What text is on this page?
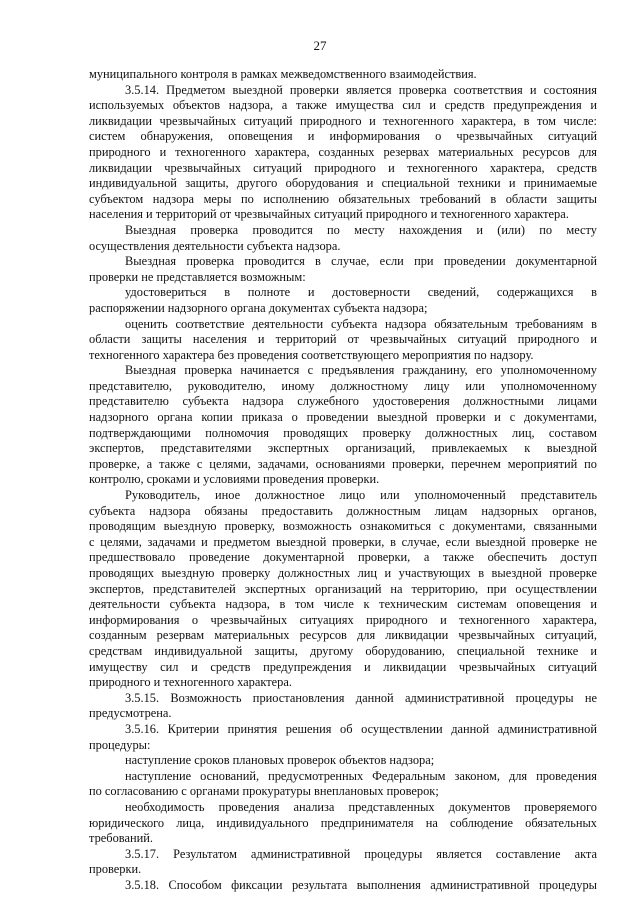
27
муниципального контроля в рамках межведомственного взаимодействия.
3.5.14. Предметом выездной проверки является проверка соответствия и состояния
используемых объектов надзора, а также имущества сил и средств предупреждения и
ликвидации чрезвычайных ситуаций природного и техногенного характера, в том числе:
систем обнаружения, оповещения и информирования о чрезвычайных ситуаций
природного и техногенного характера, созданных резервах материальных ресурсов для
ликвидации чрезвычайных ситуаций природного и техногенного характера, средств
индивидуальной защиты, другого оборудования и специальной техники и принимаемые
субъектом надзора меры по исполнению обязательных требований в области защиты
населения и территорий от чрезвычайных ситуаций природного и техногенного характера.
Выездная проверка проводится по месту нахождения и (или) по месту
осуществления деятельности субъекта надзора.
Выездная проверка проводится в случае, если при проведении документарной
проверки не представляется возможным:
удостовериться в полноте и достоверности сведений, содержащихся в
распоряжении надзорного органа документах субъекта надзора;
оценить соответствие деятельности субъекта надзора обязательным требованиям в
области защиты населения и территорий от чрезвычайных ситуаций природного и
техногенного характера без проведения соответствующего мероприятия по надзору.
Выездная проверка начинается с предъявления гражданину, его уполномоченному
представителю, руководителю, иному должностному лицу или уполномоченному
представителю субъекта надзора служебного удостоверения должностными лицами
надзорного органа копии приказа о проведении выездной проверки и с документами,
подтверждающими полномочия проводящих проверку должностных лиц, составом
экспертов, представителями экспертных организаций, привлекаемых к выездной
проверке, а также с целями, задачами, основаниями проверки, перечнем мероприятий по
контролю, сроками и условиями проведения проверки.
Руководитель, иное должностное лицо или уполномоченный представитель
субъекта надзора обязаны предоставить должностным лицам надзорных органов,
проводящим выездную проверку, возможность ознакомиться с документами, связанными
с целями, задачами и предметом выездной проверки, в случае, если выездной проверке не
предшествовало проведение документарной проверки, а также обеспечить доступ
проводящих выездную проверку должностных лиц и участвующих в выездной проверке
экспертов, представителей экспертных организаций на территорию, при осуществлении
деятельности субъекта надзора, в том числе к техническим системам оповещения и
информирования о чрезвычайных ситуациях природного и техногенного характера,
созданным резервам материальных ресурсов для ликвидации чрезвычайных ситуаций,
средствам индивидуальной защиты, другому оборудованию, специальной технике и
имуществу сил и средств предупреждения и ликвидации чрезвычайных ситуаций
природного и техногенного характера.
3.5.15. Возможность приостановления данной административной процедуры не
предусмотрена.
3.5.16. Критерии принятия решения об осуществлении данной административной
процедуры:
наступление сроков плановых проверок объектов надзора;
наступление оснований, предусмотренных Федеральным законом, для проведения
по согласованию с органами прокуратуры внеплановых проверок;
необходимость проведения анализа представленных документов проверяемого
юридического лица, индивидуального предпринимателя на соблюдение обязательных
требований.
3.5.17. Результатом административной процедуры является составление акта
проверки.
3.5.18. Способом фиксации результата выполнения административной процедуры
